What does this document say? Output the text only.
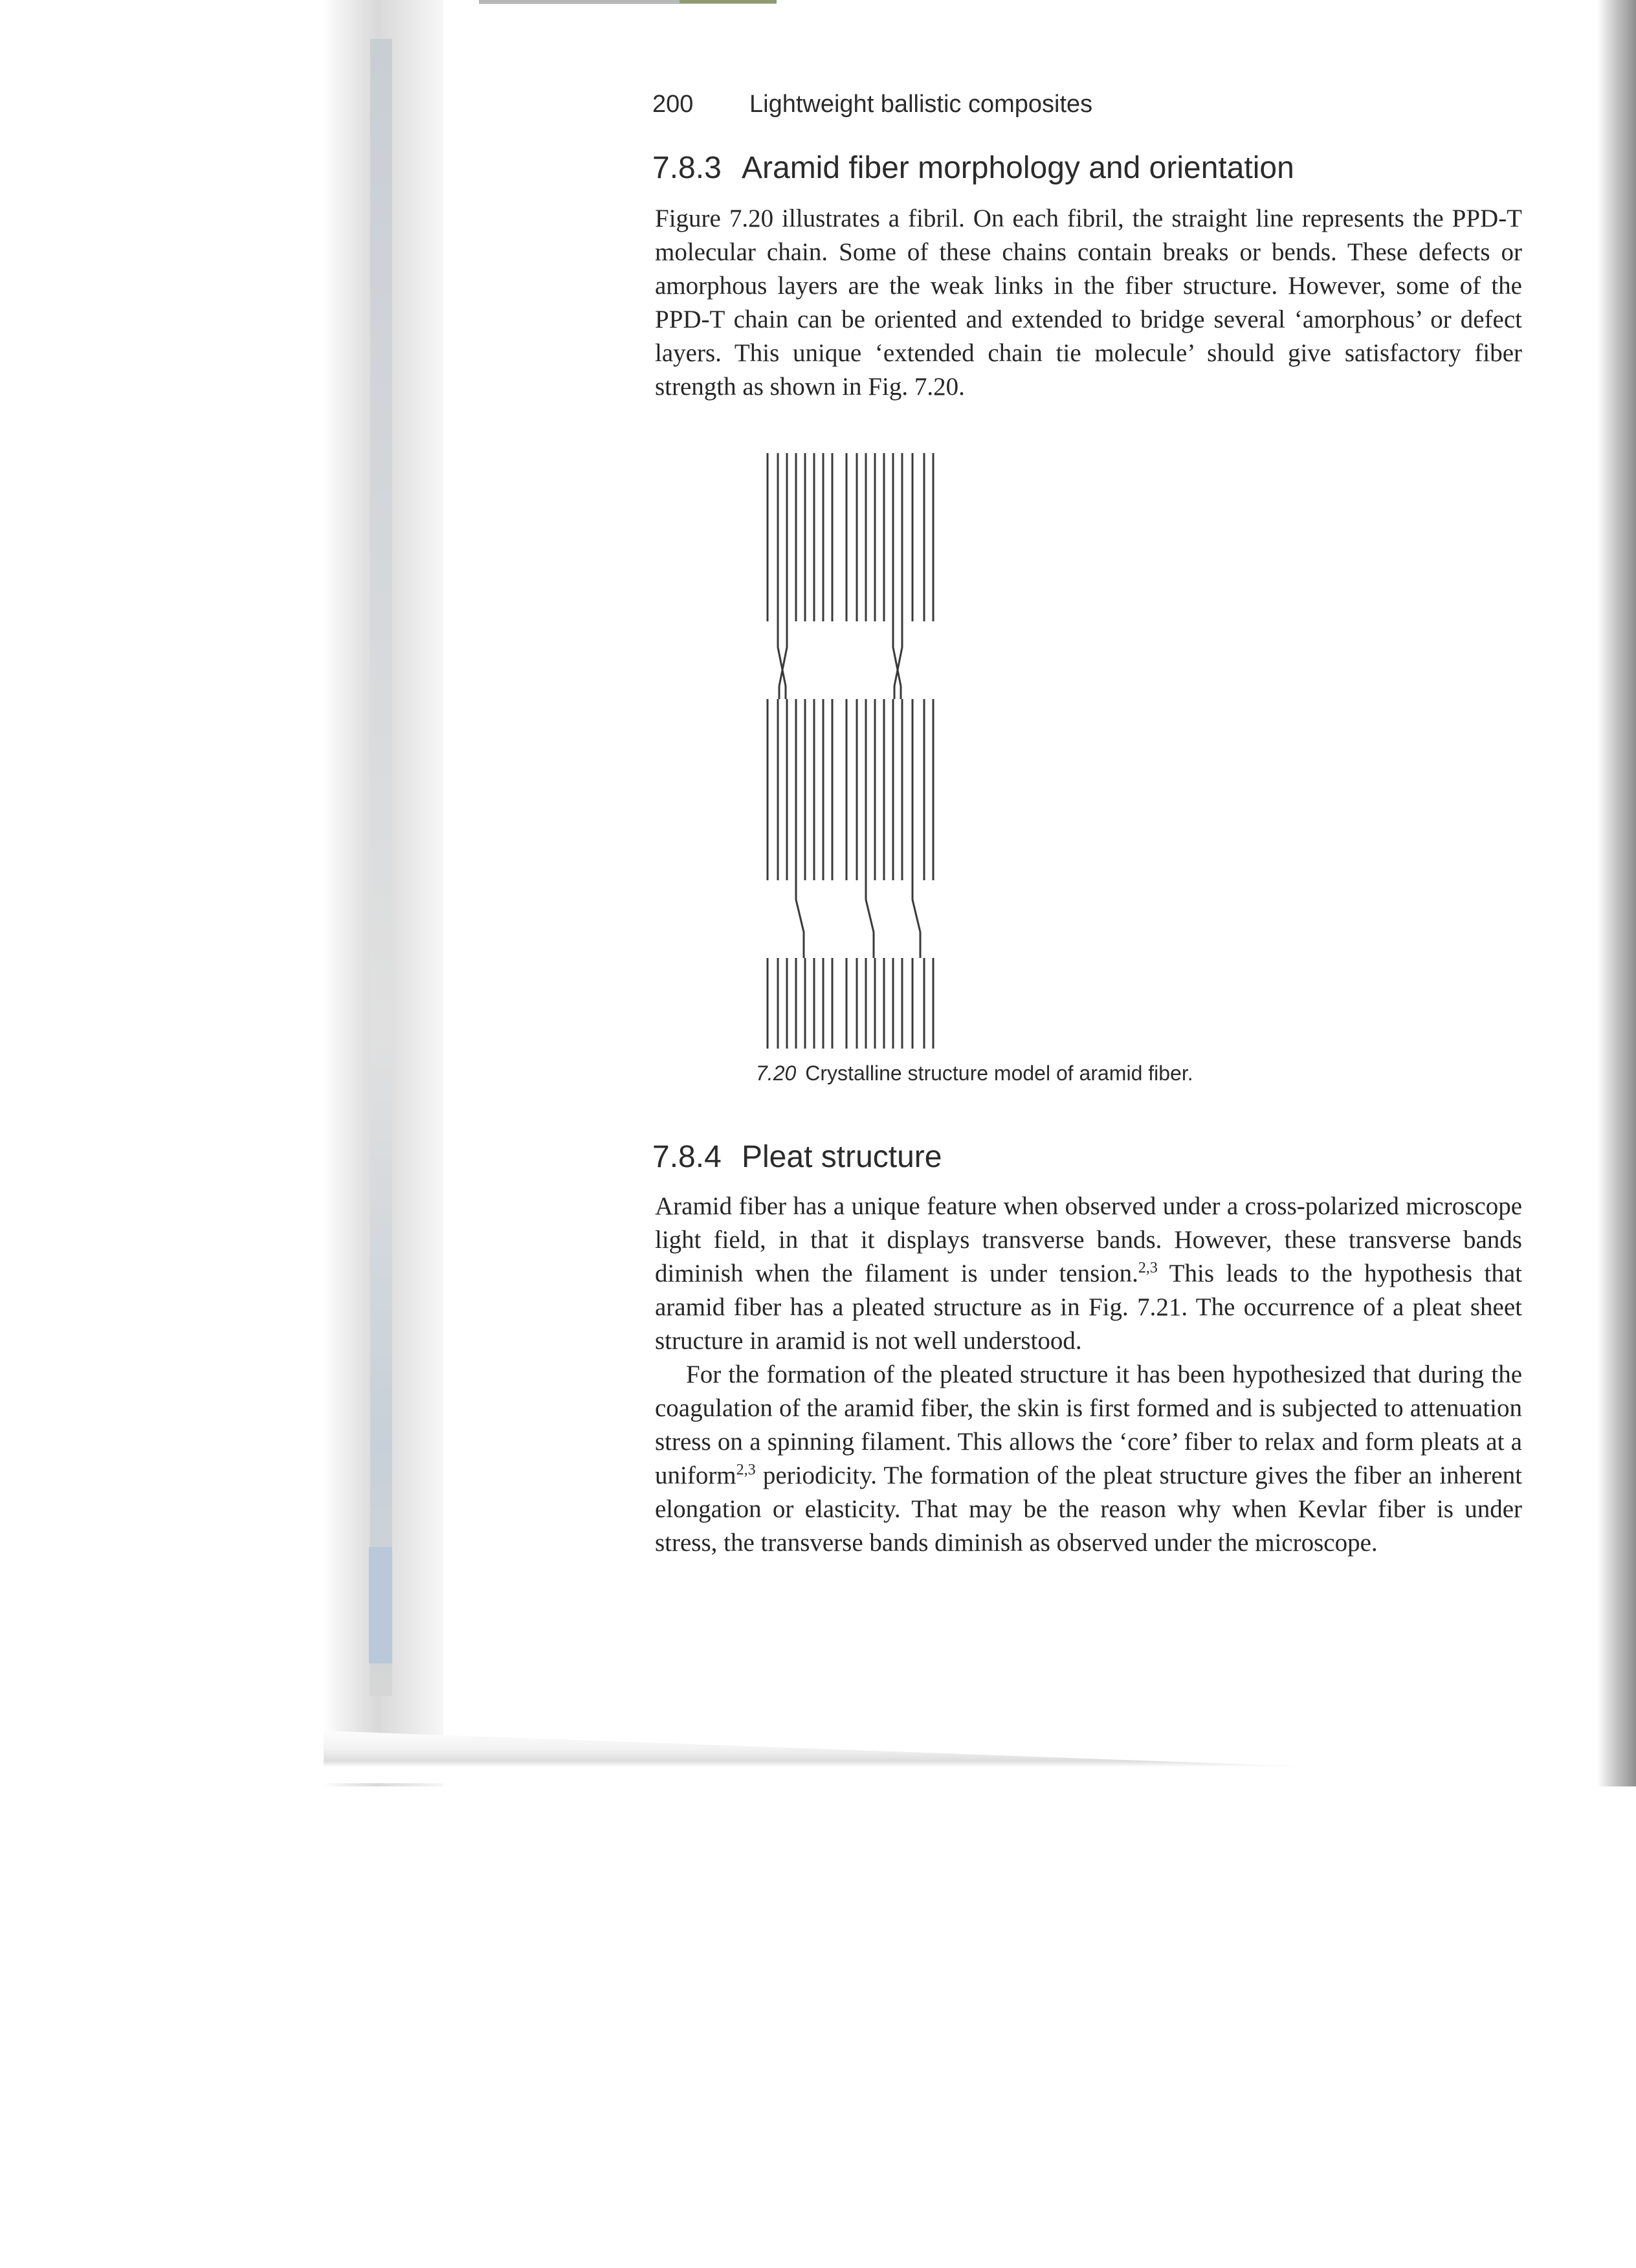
200 Lightweight ballistic composites
7.8.3 Aramid fiber morphology and orientation

Figure 7.20 illustrates a fibril. On each fibril, the straight line represents the PPD-T molecular chain. Some of these chains contain breaks or bends. These defects or amorphous layers are the weak links in the fiber structure. However, some of the PPD-T chain can be oriented and extended to bridge several ‘amorphous’ or defect layers. This unique ‘extended chain tie molecule’ should give satisfactory fiber strength as shown in Fig. 7.20.

7.20 Crystalline structure model of aramid fiber.
7.8.4 Pleat structure

Aramid fiber has a unique feature when observed under a cross-polarized microscope light field, in that it displays transverse bands. However, these transverse bands diminish when the filament is under tension.$^{2,3}$ This leads to the hypothesis that aramid fiber has a pleated structure as in Fig. 7.21. The occurrence of a pleat sheet structure in aramid is not well understood.

For the formation of the pleated structure it has been hypothesized that during the coagulation of the aramid fiber, the skin is first formed and is subjected to attenuation stress on a spinning filament. This allows the ‘core’ fiber to relax and form pleats at a uniform$^{2,3}$ periodicity. The formation of the pleat structure gives the fiber an inherent elongation or elasticity. That may be the reason why when Kevlar fiber is under stress, the transverse bands diminish as observed under the microscope.
